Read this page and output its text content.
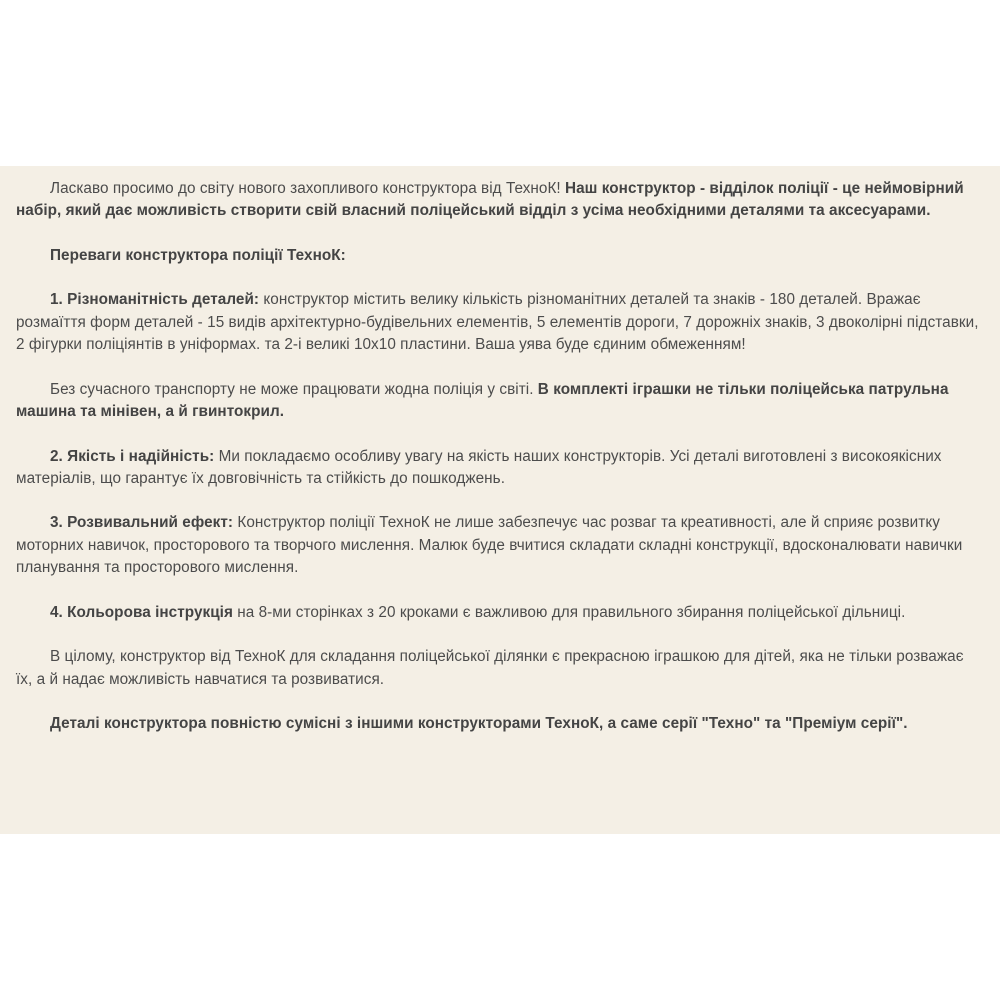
Ласкаво просимо до світу нового захопливого конструктора від ТехноК! Наш конструктор - відділок поліції - це неймовірний набір, який дає можливість створити свій власний поліцейський відділ з усіма необхідними деталями та аксесуарами.

Переваги конструктора поліції ТехноК:

1. Різноманітність деталей: конструктор містить велику кількість різноманітних деталей та знаків - 180 деталей. Вражає розмаїття форм деталей - 15 видів архітектурно-будівельних елементів, 5 елементів дороги, 7 дорожніх знаків, 3 двоколірні підставки, 2 фігурки поліціянтів в уніформах. та 2-і великі 10х10 пластини. Ваша уява буде єдиним обмеженням!

Без сучасного транспорту не може працювати жодна поліція у світі. В комплекті іграшки не тільки поліцейська патрульна машина та мінівен, а й гвинтокрил.

2. Якість і надійність: Ми покладаємо особливу увагу на якість наших конструкторів. Усі деталі виготовлені з високоякісних матеріалів, що гарантує їх довговічність та стійкість до пошкоджень.

3. Розвивальний ефект: Конструктор поліції ТехноК не лише забезпечує час розваг та креативності, але й сприяє розвитку моторних навичок, просторового та творчого мислення. Малюк буде вчитися складати складні конструкції, вдосконалювати навички планування та просторового мислення.

4. Кольорова інструкція на 8-ми сторінках з 20 кроками є важливою для правильного збирання поліцейської дільниці.

В цілому, конструктор від ТехноК для складання поліцейської ділянки є прекрасною іграшкою для дітей, яка не тільки розважає їх, а й надає можливість навчатися та розвиватися.

Деталі конструктора повністю сумісні з іншими конструкторами ТехноК, а саме серії "Техно" та "Преміум серії".
